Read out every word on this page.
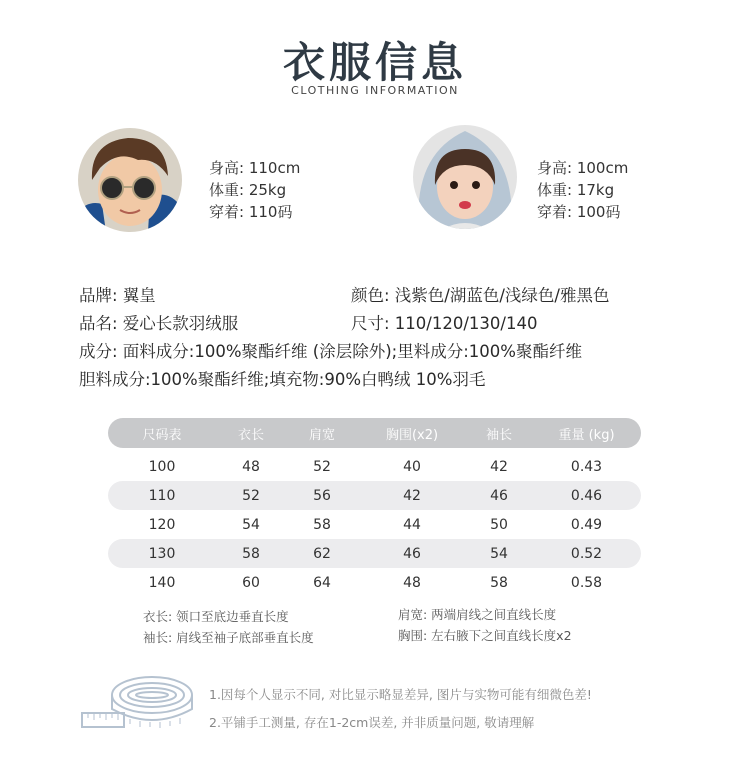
衣服信息
CLOTHING INFORMATION
身高: 110cm
体重: 25kg
穿着: 110码
身高: 100cm
体重: 17kg
穿着: 100码
品牌: 翼皇	颜色: 浅紫色/湖蓝色/浅绿色/雅黑色
品名: 爱心长款羽绒服	尺寸: 110/120/130/140
成分: 面料成分:100%聚酯纤维 (涂层除外);里料成分:100%聚酯纤维
胆料成分:100%聚酯纤维;填充物:90%白鸭绒 10%羽毛
尺码表	衣长	肩宽	胸围(x2)	袖长	重量 (kg)
100	48	52	40	42	0.43
110	52	56	42	46	0.46
120	54	58	44	50	0.49
130	58	62	46	54	0.52
140	60	64	48	58	0.58
衣长: 领口至底边垂直长度
袖长: 肩线至袖子底部垂直长度
肩宽: 两端肩线之间直线长度
胸围: 左右腋下之间直线长度x2
1.因每个人显示不同, 对比显示略显差异, 图片与实物可能有细微色差!
2.平铺手工测量, 存在1-2cm误差, 并非质量问题, 敬请理解
